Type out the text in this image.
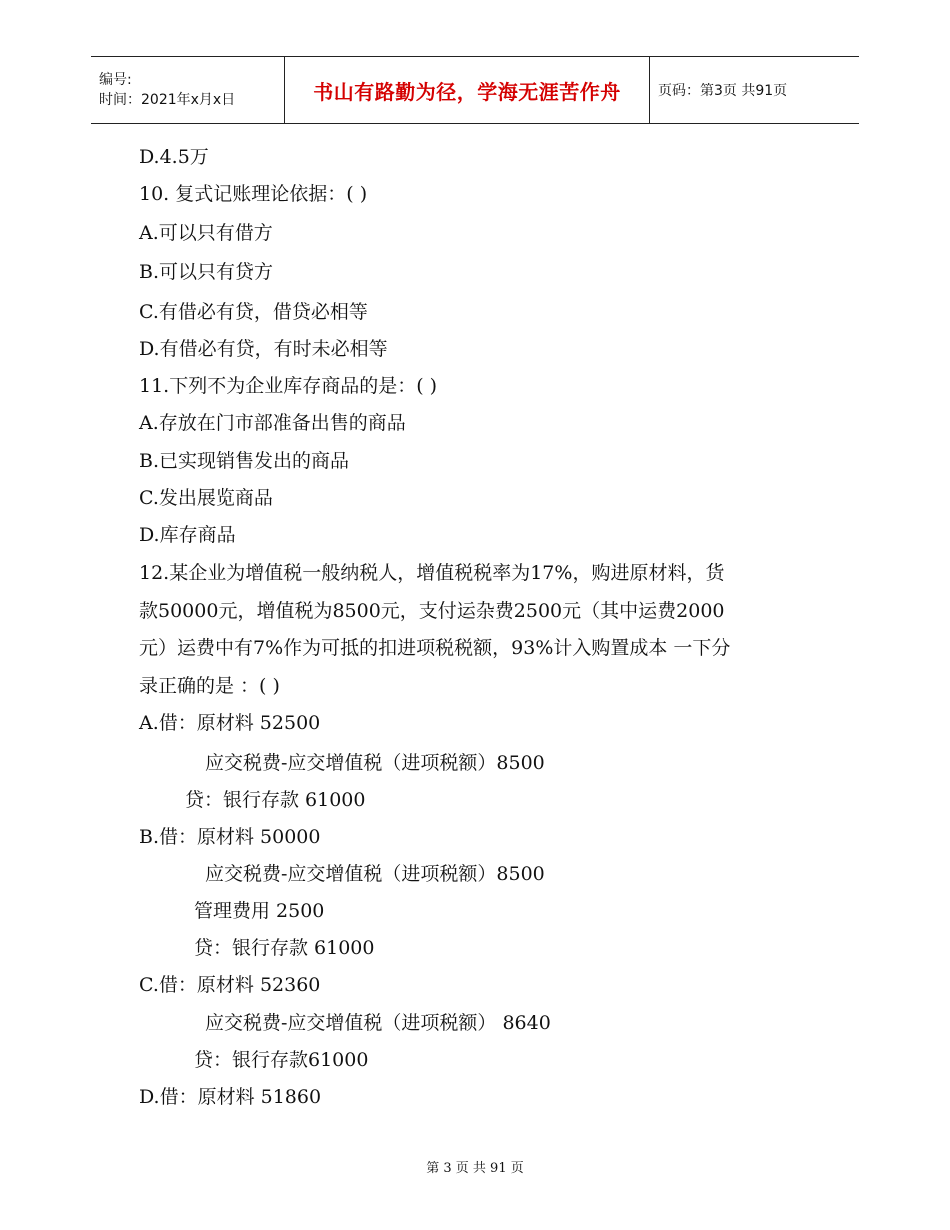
编号:
时间：2021年x月x日	书山有路勤为径，学海无涯苦作舟	页码：第3页 共91页
D.4.5万
10. 复式记账理论依据：( )
A.可以只有借方
B.可以只有贷方
C.有借必有贷，借贷必相等
D.有借必有贷，有时未必相等
11.下列不为企业库存商品的是：( )
A.存放在门市部准备出售的商品
B.已实现销售发出的商品
C.发出展览商品
D.库存商品
12.某企业为增值税一般纳税人，增值税税率为17%，购进原材料，货
款50000元，增值税为8500元，支付运杂费2500元（其中运费2000
元）运费中有7%作为可抵的扣进项税税额，93%计入购置成本 一下分
录正确的是 ：( )
A.借：原材料 52500
应交税费-应交增值税（进项税额）8500
贷：银行存款 61000
B.借：原材料 50000
应交税费-应交增值税（进项税额）8500
管理费用 2500
贷：银行存款 61000
C.借：原材料 52360
应交税费-应交增值税（进项税额） 8640
贷：银行存款61000
D.借：原材料 51860
第 3 页 共 91 页
